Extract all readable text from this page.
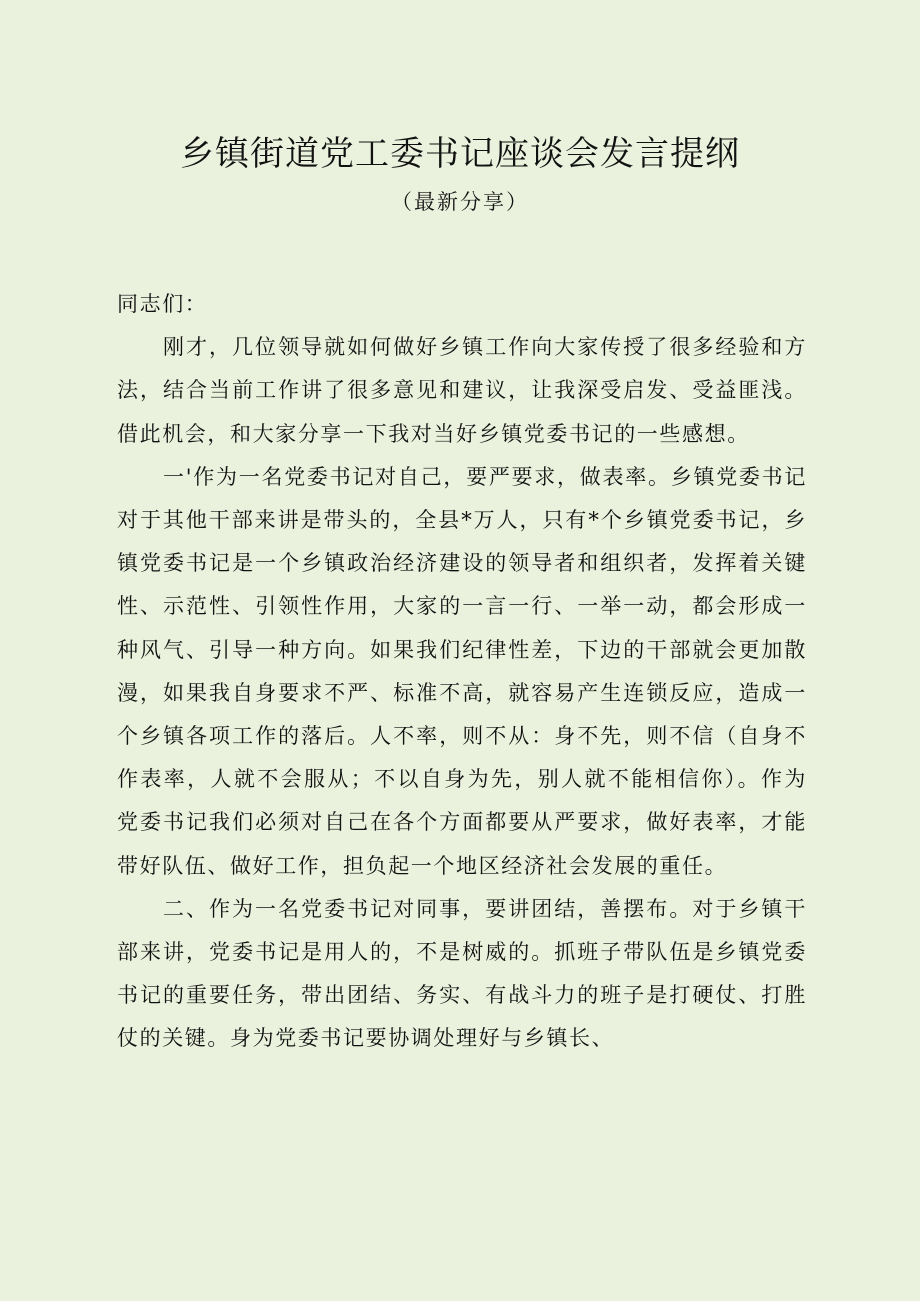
乡镇街道党工委书记座谈会发言提纲
（最新分享）

同志们：

刚才，几位领导就如何做好乡镇工作向大家传授了很多经验和方法，结合当前工作讲了很多意见和建议，让我深受启发、受益匪浅。借此机会，和大家分享一下我对当好乡镇党委书记的一些感想。

一'作为一名党委书记对自己，要严要求，做表率。乡镇党委书记对于其他干部来讲是带头的，全县*万人，只有*个乡镇党委书记，乡镇党委书记是一个乡镇政治经济建设的领导者和组织者，发挥着关键性、示范性、引领性作用，大家的一言一行、一举一动，都会形成一种风气、引导一种方向。如果我们纪律性差，下边的干部就会更加散漫，如果我自身要求不严、标准不高，就容易产生连锁反应，造成一个乡镇各项工作的落后。人不率，则不从：身不先，则不信（自身不作表率，人就不会服从；不以自身为先，别人就不能相信你）。作为党委书记我们必须对自己在各个方面都要从严要求，做好表率，才能带好队伍、做好工作，担负起一个地区经济社会发展的重任。

二、作为一名党委书记对同事，要讲团结，善摆布。对于乡镇干部来讲，党委书记是用人的，不是树威的。抓班子带队伍是乡镇党委书记的重要任务，带出团结、务实、有战斗力的班子是打硬仗、打胜仗的关键。身为党委书记要协调处理好与乡镇长、
